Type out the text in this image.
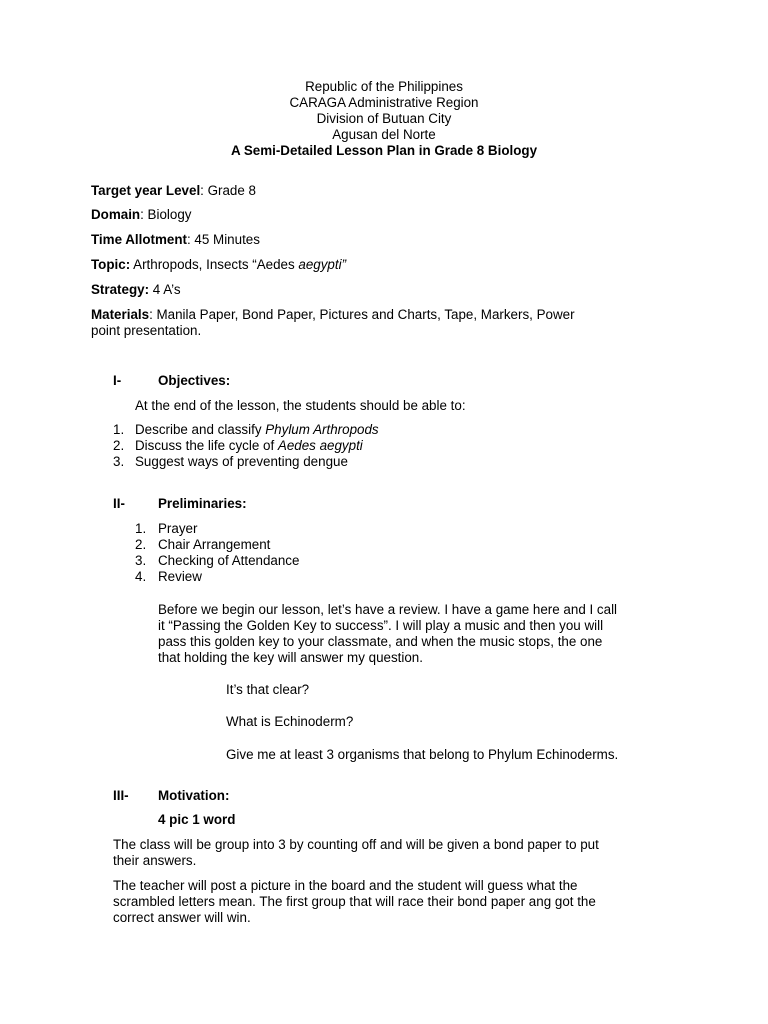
Republic of the Philippines
CARAGA Administrative Region
Division of Butuan City
Agusan del Norte
A Semi-Detailed Lesson Plan in Grade 8 Biology
Target year Level: Grade 8
Domain: Biology
Time Allotment: 45 Minutes
Topic: Arthropods, Insects “Aedes aegypti”
Strategy: 4 A’s
Materials: Manila Paper, Bond Paper, Pictures and Charts, Tape, Markers, Power
point presentation.
I-	Objectives:
At the end of the lesson, the students should be able to:
1. Describe and classify Phylum Arthropods
2. Discuss the life cycle of Aedes aegypti
3. Suggest ways of preventing dengue
II- Preliminaries:
1. Prayer
2. Chair Arrangement
3. Checking of Attendance
4. Review
Before we begin our lesson, let’s have a review. I have a game here and I call
it “Passing the Golden Key to success”. I will play a music and then you will
pass this golden key to your classmate, and when the music stops, the one
that holding the key will answer my question.
It’s that clear?
What is Echinoderm?
Give me at least 3 organisms that belong to Phylum Echinoderms.
III- Motivation:
4 pic 1 word
The class will be group into 3 by counting off and will be given a bond paper to put
their answers.
The teacher will post a picture in the board and the student will guess what the
scrambled letters mean. The first group that will race their bond paper ang got the
correct answer will win.
